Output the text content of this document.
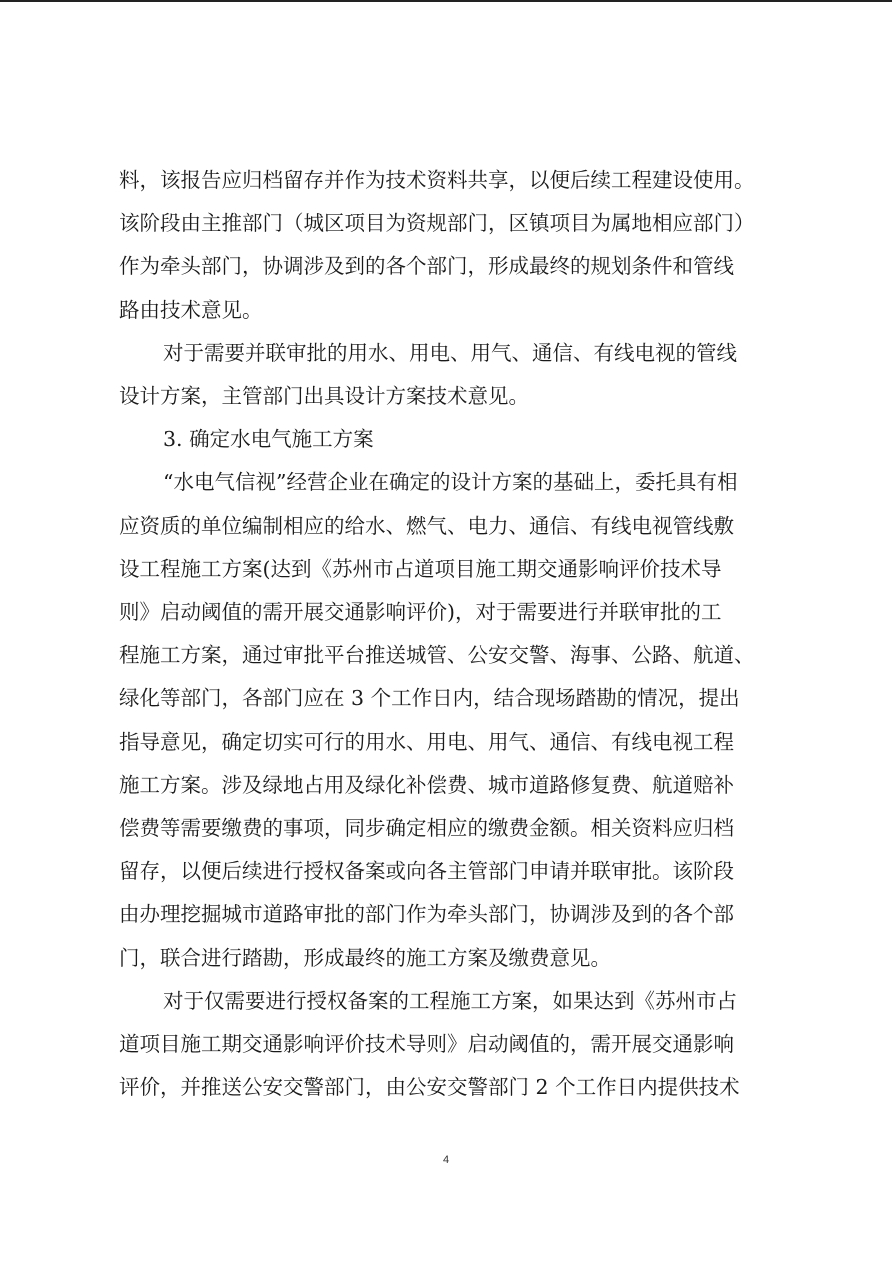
料，该报告应归档留存并作为技术资料共享，以便后续工程建设使用。
该阶段由主推部门（城区项目为资规部门，区镇项目为属地相应部门）
作为牵头部门，协调涉及到的各个部门，形成最终的规划条件和管线
路由技术意见。
对于需要并联审批的用水、用电、用气、通信、有线电视的管线
设计方案，主管部门出具设计方案技术意见。
3. 确定水电气施工方案
“水电气信视”经营企业在确定的设计方案的基础上，委托具有相
应资质的单位编制相应的给水、燃气、电力、通信、有线电视管线敷
设工程施工方案(达到《苏州市占道项目施工期交通影响评价技术导
则》启动阈值的需开展交通影响评价)，对于需要进行并联审批的工
程施工方案，通过审批平台推送城管、公安交警、海事、公路、航道、
绿化等部门，各部门应在 3 个工作日内，结合现场踏勘的情况，提出
指导意见，确定切实可行的用水、用电、用气、通信、有线电视工程
施工方案。涉及绿地占用及绿化补偿费、城市道路修复费、航道赔补
偿费等需要缴费的事项，同步确定相应的缴费金额。相关资料应归档
留存，以便后续进行授权备案或向各主管部门申请并联审批。该阶段
由办理挖掘城市道路审批的部门作为牵头部门，协调涉及到的各个部
门，联合进行踏勘，形成最终的施工方案及缴费意见。
对于仅需要进行授权备案的工程施工方案，如果达到《苏州市占
道项目施工期交通影响评价技术导则》启动阈值的，需开展交通影响
评价，并推送公安交警部门，由公安交警部门 2 个工作日内提供技术
4
